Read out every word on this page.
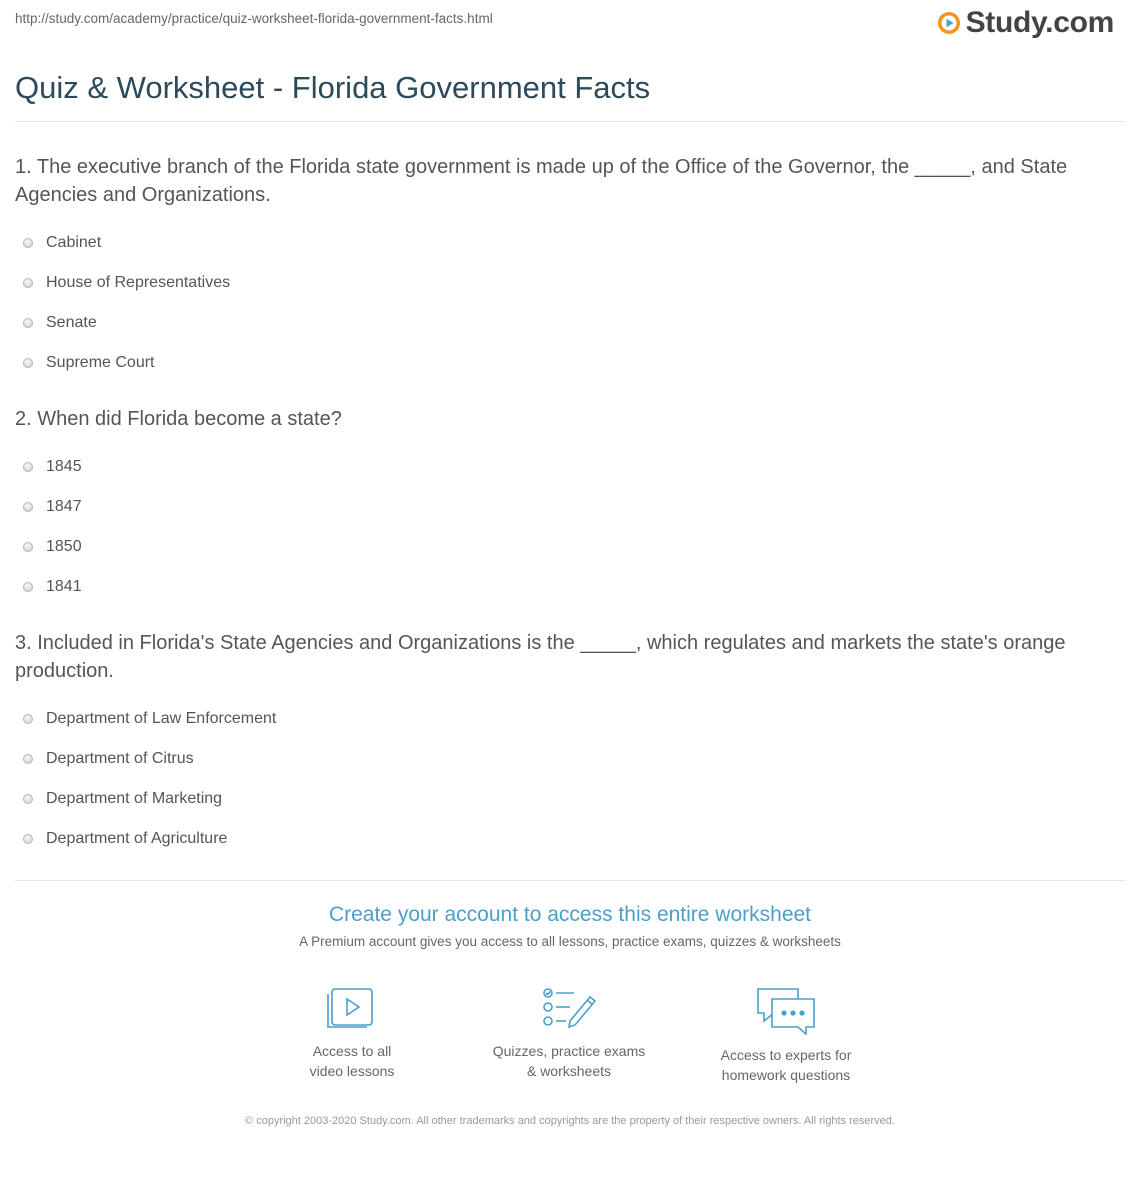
http://study.com/academy/practice/quiz-worksheet-florida-government-facts.html	Study.com
Quiz & Worksheet - Florida Government Facts

1. The executive branch of the Florida state government is made up of the Office of the Governor, the _____, and State Agencies and Organizations.

Cabinet
House of Representatives
Senate
Supreme Court

2. When did Florida become a state?

1845
1847
1850
1841

3. Included in Florida's State Agencies and Organizations is the _____, which regulates and markets the state's orange production.

Department of Law Enforcement
Department of Citrus
Department of Marketing
Department of Agriculture
Create your account to access this entire worksheet
A Premium account gives you access to all lessons, practice exams, quizzes & worksheets
Access to all
video lessons
Quizzes, practice exams
& worksheets
Access to experts for
homework questions
© copyright 2003-2020 Study.com. All other trademarks and copyrights are the property of their respective owners. All rights reserved.
